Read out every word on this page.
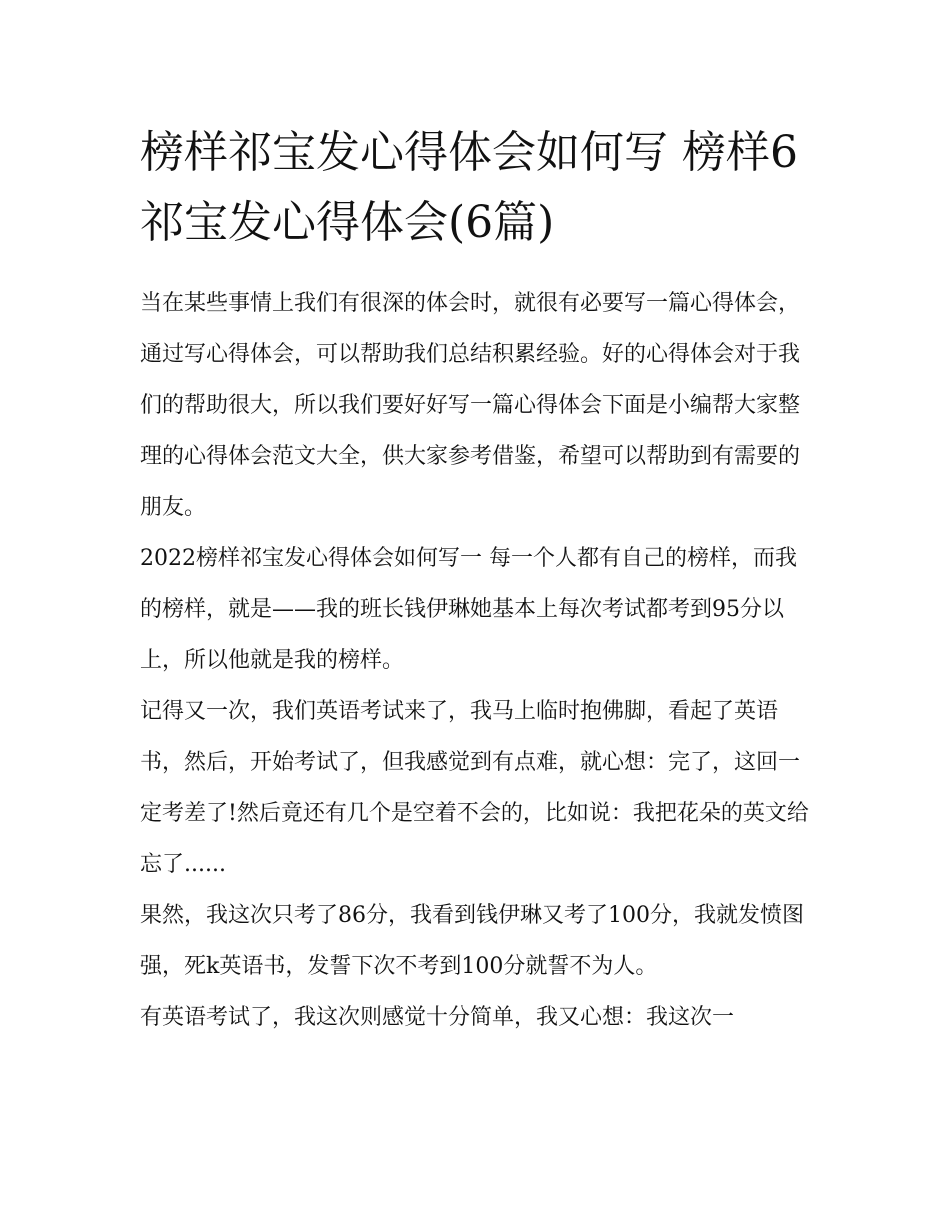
榜样祁宝发心得体会如何写 榜样6祁宝发心得体会(6篇)

当在某些事情上我们有很深的体会时，就很有必要写一篇心得体会，通过写心得体会，可以帮助我们总结积累经验。好的心得体会对于我们的帮助很大，所以我们要好好写一篇心得体会下面是小编帮大家整理的心得体会范文大全，供大家参考借鉴，希望可以帮助到有需要的朋友。

2022榜样祁宝发心得体会如何写一 每一个人都有自己的榜样，而我的榜样，就是——我的班长钱伊琳她基本上每次考试都考到95分以上，所以他就是我的榜样。

记得又一次，我们英语考试来了，我马上临时抱佛脚，看起了英语书，然后，开始考试了，但我感觉到有点难，就心想：完了，这回一定考差了!然后竟还有几个是空着不会的，比如说：我把花朵的英文给忘了......

果然，我这次只考了86分，我看到钱伊琳又考了100分，我就发愤图强，死k英语书，发誓下次不考到100分就誓不为人。

有英语考试了，我这次则感觉十分简单，我又心想：我这次一
